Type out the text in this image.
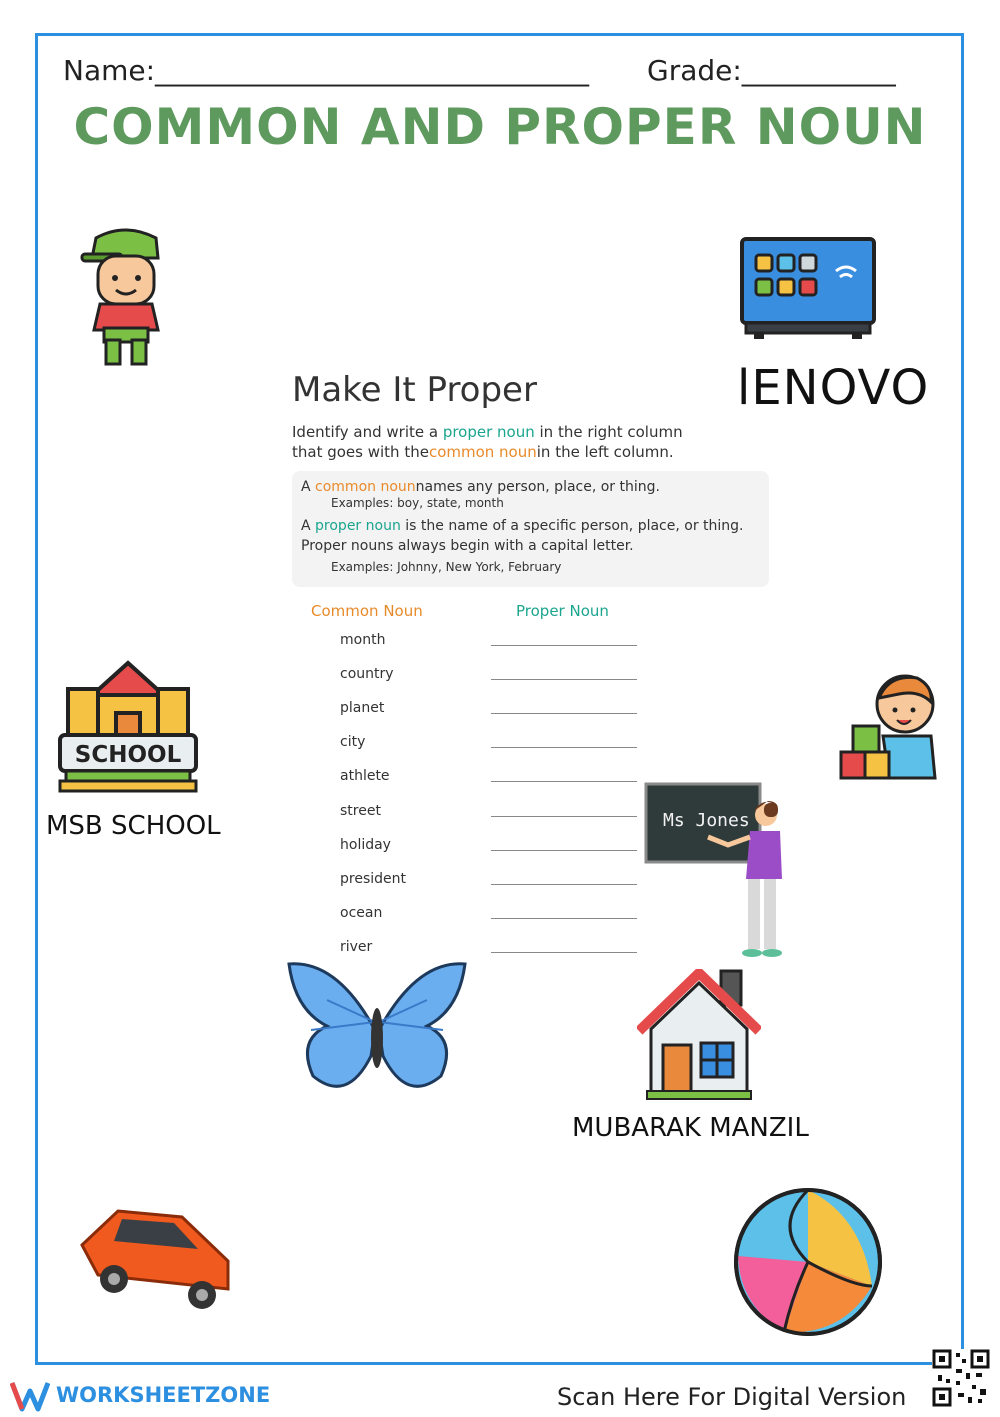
Name:_______________________________ Grade:___________
COMMON AND PROPER NOUN
lENOVO
Make It Proper
Identify and write a proper noun in the right column
that goes with thecommon nounin the left column.
A common nounnames any person, place, or thing.
Examples: boy, state, month
A proper noun is the name of a specific person, place, or thing.
Proper nouns always begin with a capital letter.
Examples: Johnny, New York, February
Common Noun	Proper Noun
month
country
planet
city
athlete
street
holiday
president
ocean
river
SCHOOL
MSB SCHOOL	Ms Jones
MUBARAK MANZIL
WORKSHEETZONE	Scan Here For Digital Version
